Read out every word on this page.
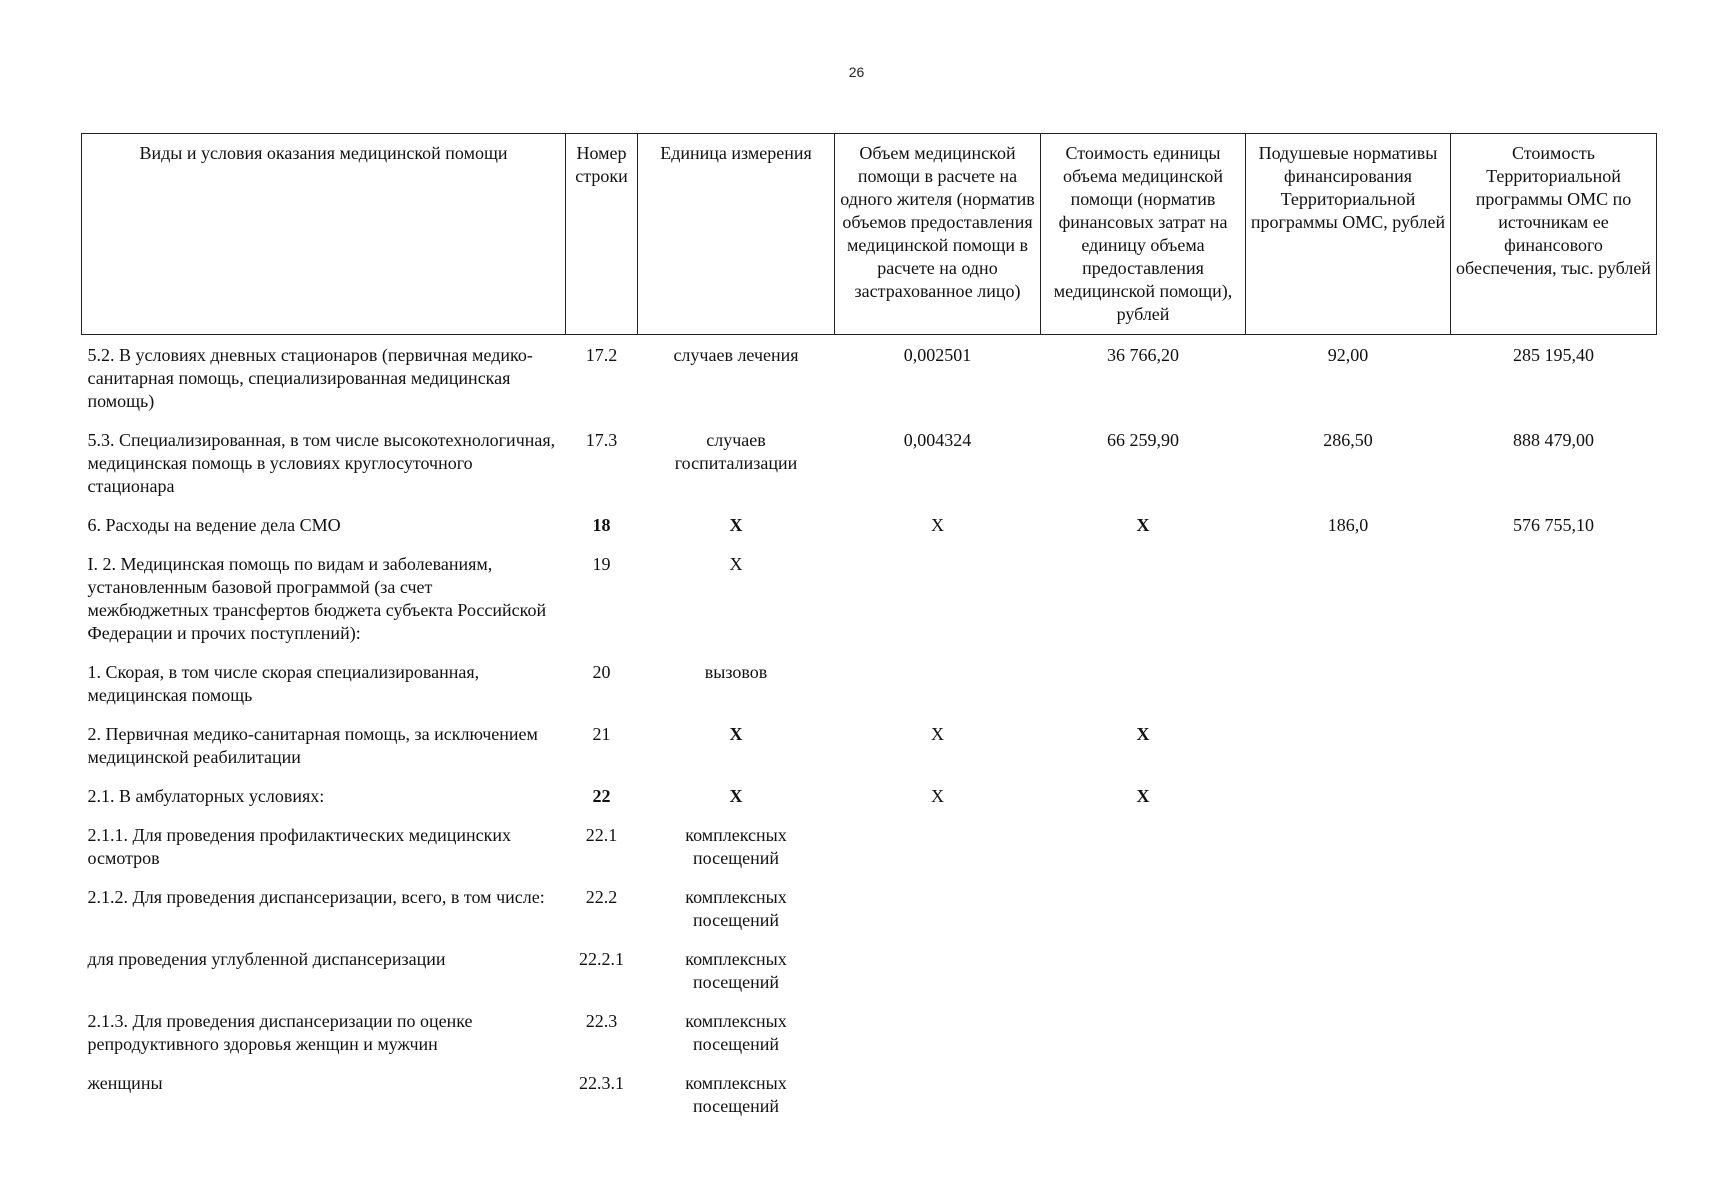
26
Виды и условия оказания медицинской помощи	Номер строки	Единица измерения	Объем медицинской помощи в расчете на одного жителя (норматив объемов предоставления медицинской помощи в расчете на одно застрахованное лицо)	Стоимость единицы объема медицинской помощи (норматив финансовых затрат на единицу объема предоставления медицинской помощи), рублей	Подушевые нормативы финансирования Территориальной программы ОМС, рублей	Стоимость Территориальной программы ОМС по источникам ее финансового обеспечения, тыс. рублей
5.2. В условиях дневных стационаров (первичная медико-санитарная помощь, специализированная медицинская помощь)	17.2	случаев лечения	0,002501	36 766,20	92,00	285 195,40
5.3. Специализированная, в том числе высокотехнологичная, медицинская помощь в условиях круглосуточного стационара	17.3	случаев госпитализации	0,004324	66 259,90	286,50	888 479,00
6. Расходы на ведение дела СМО	18	X	X	X	186,0	576 755,10
I. 2. Медицинская помощь по видам и заболеваниям, установленным базовой программой (за счет межбюджетных трансфертов бюджета субъекта Российской Федерации и прочих поступлений):	19	X				
1. Скорая, в том числе скорая специализированная, медицинская помощь	20	вызовов				
2. Первичная медико-санитарная помощь, за исключением медицинской реабилитации	21	X	X	X		
2.1. В амбулаторных условиях:	22	X	X	X		
2.1.1. Для проведения профилактических медицинских осмотров	22.1	комплексных посещений				
2.1.2. Для проведения диспансеризации, всего, в том числе:	22.2	комплексных посещений				
для проведения углубленной диспансеризации	22.2.1	комплексных посещений				
2.1.3. Для проведения диспансеризации по оценке репродуктивного здоровья женщин и мужчин	22.3	комплексных посещений				
женщины	22.3.1	комплексных посещений				
